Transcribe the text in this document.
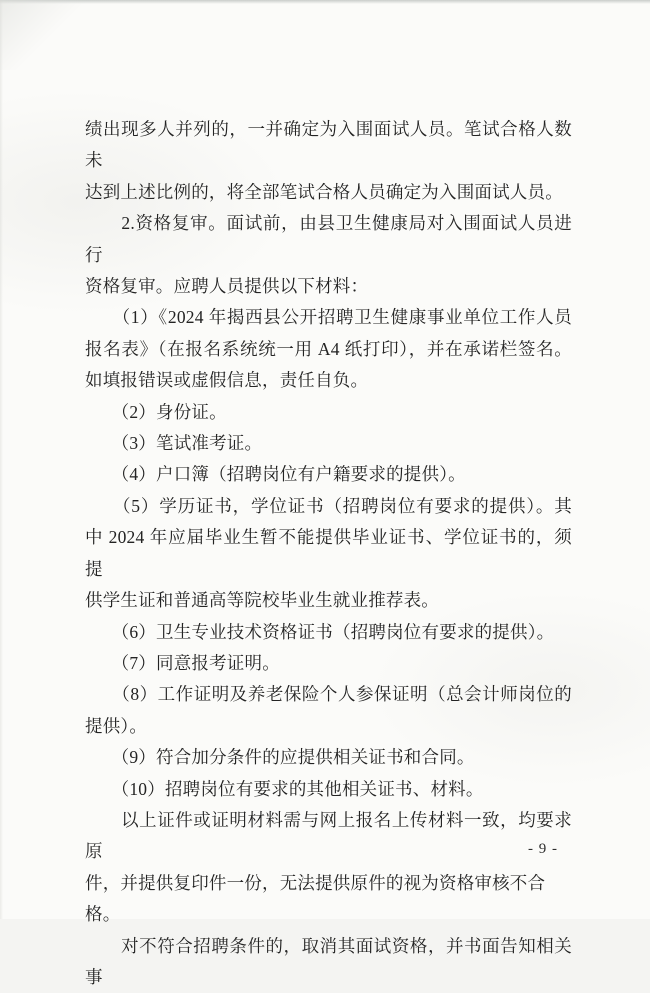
绩出现多人并列的，一并确定为入围面试人员。笔试合格人数未
达到上述比例的，将全部笔试合格人员确定为入围面试人员。
　　2.资格复审。面试前，由县卫生健康局对入围面试人员进行
资格复审。应聘人员提供以下材料：
　　（1）《2024 年揭西县公开招聘卫生健康事业单位工作人员
报名表》（在报名系统统一用 A4 纸打印），并在承诺栏签名。
如填报错误或虚假信息，责任自负。
　　（2）身份证。
　　（3）笔试准考证。
　　（4）户口簿（招聘岗位有户籍要求的提供）。
　　（5）学历证书，学位证书（招聘岗位有要求的提供）。其
中 2024 年应届毕业生暂不能提供毕业证书、学位证书的，须提
供学生证和普通高等院校毕业生就业推荐表。
　　（6）卫生专业技术资格证书（招聘岗位有要求的提供）。
　　（7）同意报考证明。
　　（8）工作证明及养老保险个人参保证明（总会计师岗位的
提供）。
　　（9）符合加分条件的应提供相关证书和合同。
　　（10）招聘岗位有要求的其他相关证书、材料。
　　以上证件或证明材料需与网上报名上传材料一致，均要求原
件，并提供复印件一份，无法提供原件的视为资格审核不合格。
　　对不符合招聘条件的，取消其面试资格，并书面告知相关事
- 9 -
